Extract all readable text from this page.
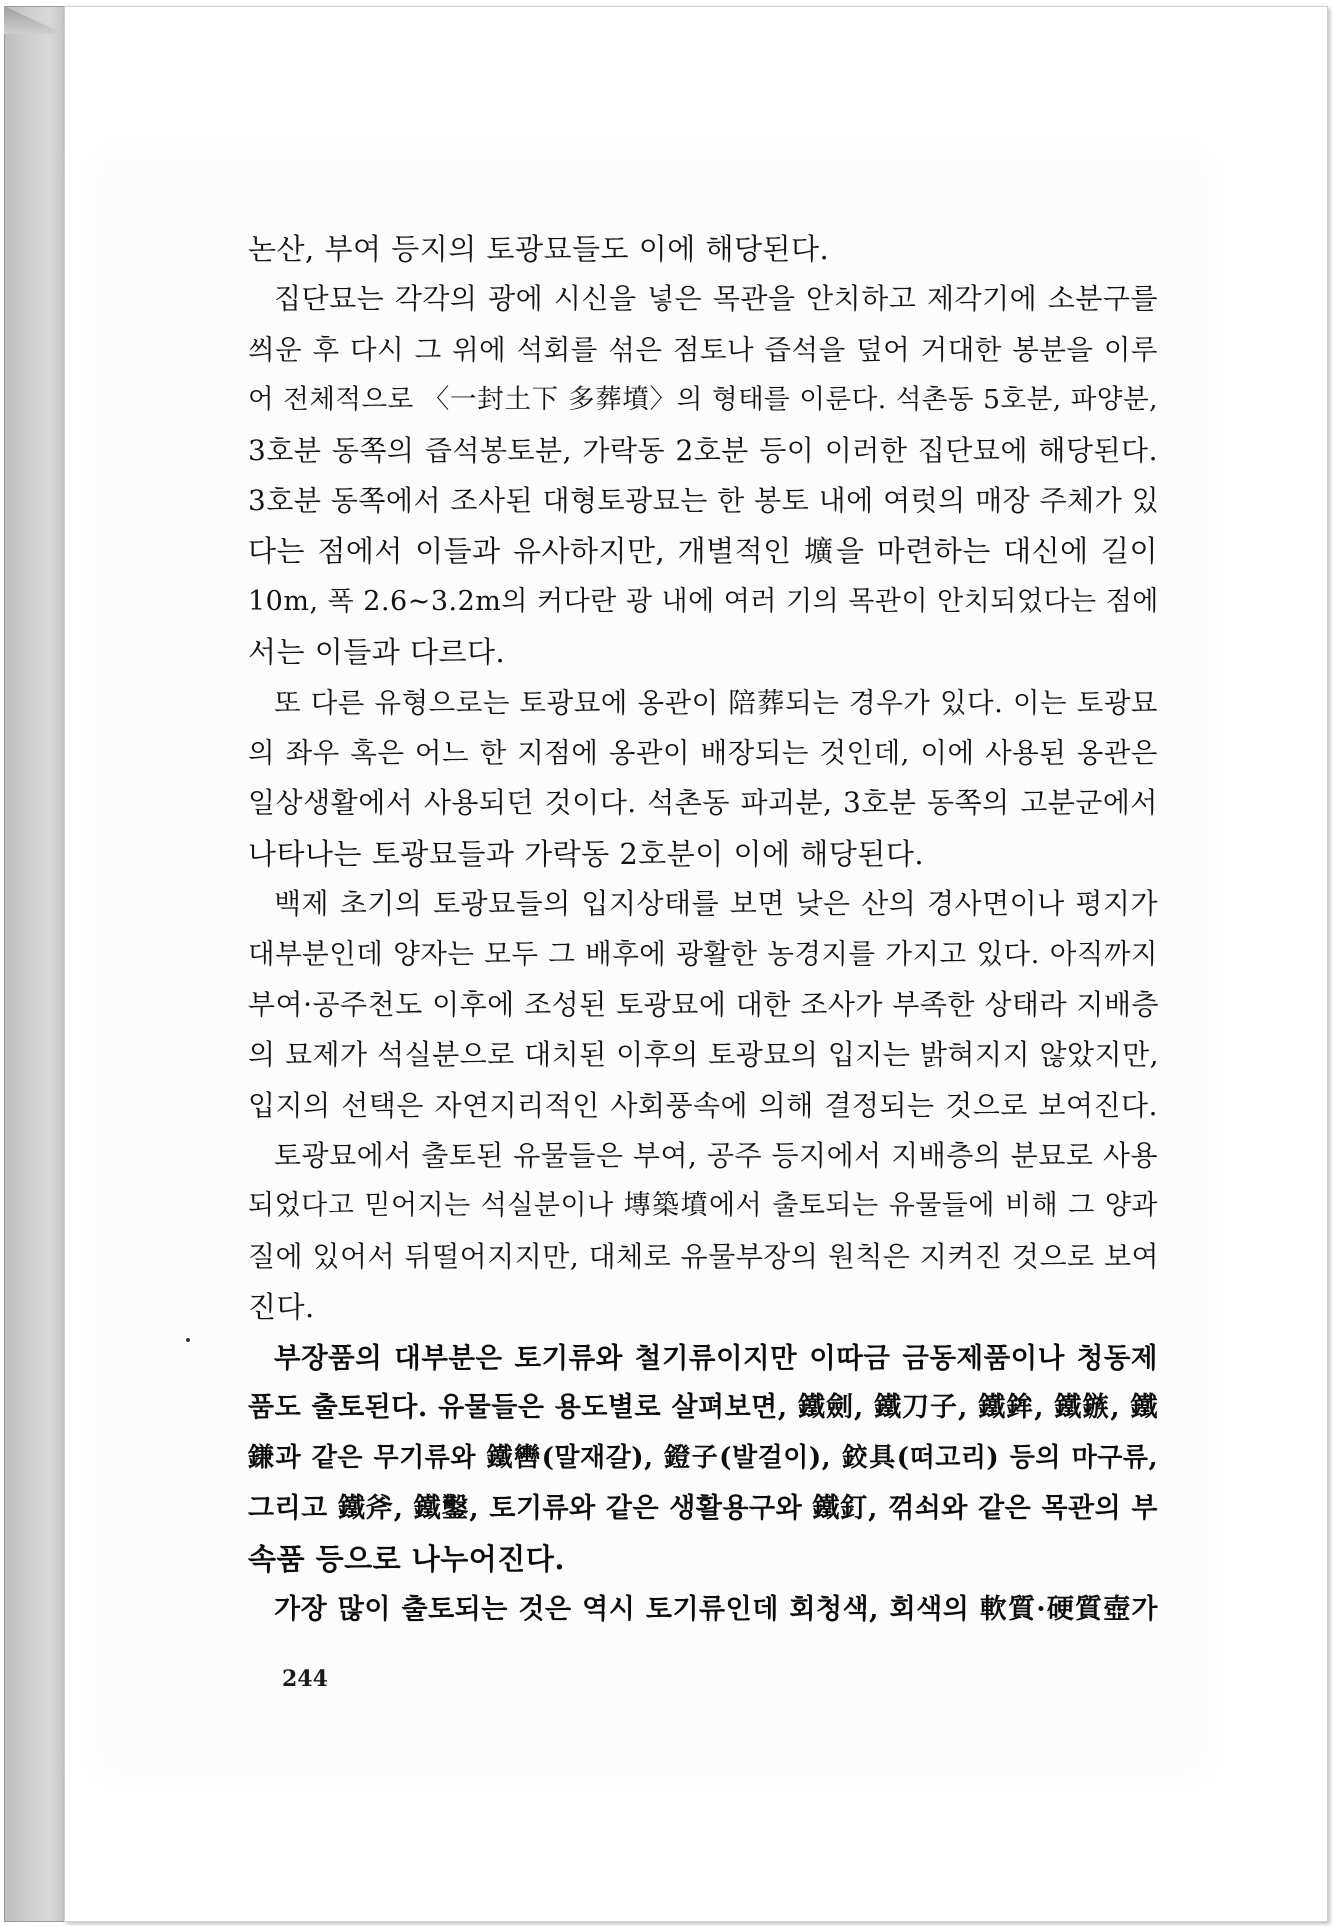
논산, 부여 등지의 토광묘들도 이에 해당된다.
집단묘는 각각의 광에 시신을 넣은 목관을 안치하고 제각기에 소분구를
씌운 후 다시 그 위에 석회를 섞은 점토나 즙석을 덮어 거대한 봉분을 이루
어 전체적으로 〈一封土下 多葬墳〉의 형태를 이룬다. 석촌동 5호분, 파양분,
3호분 동쪽의 즙석봉토분, 가락동 2호분 등이 이러한 집단묘에 해당된다.
3호분 동쪽에서 조사된 대형토광묘는 한 봉토 내에 여럿의 매장 주체가 있
다는 점에서 이들과 유사하지만, 개별적인 壙을 마련하는 대신에 길이
10m, 폭 2.6~3.2m의 커다란 광 내에 여러 기의 목관이 안치되었다는 점에
서는 이들과 다르다.
또 다른 유형으로는 토광묘에 옹관이 陪葬되는 경우가 있다. 이는 토광묘
의 좌우 혹은 어느 한 지점에 옹관이 배장되는 것인데, 이에 사용된 옹관은
일상생활에서 사용되던 것이다. 석촌동 파괴분, 3호분 동쪽의 고분군에서
나타나는 토광묘들과 가락동 2호분이 이에 해당된다.
백제 초기의 토광묘들의 입지상태를 보면 낮은 산의 경사면이나 평지가
대부분인데 양자는 모두 그 배후에 광활한 농경지를 가지고 있다. 아직까지
부여·공주천도 이후에 조성된 토광묘에 대한 조사가 부족한 상태라 지배층
의 묘제가 석실분으로 대치된 이후의 토광묘의 입지는 밝혀지지 않았지만,
입지의 선택은 자연지리적인 사회풍속에 의해 결정되는 것으로 보여진다.
토광묘에서 출토된 유물들은 부여, 공주 등지에서 지배층의 분묘로 사용
되었다고 믿어지는 석실분이나 塼築墳에서 출토되는 유물들에 비해 그 양과
질에 있어서 뒤떨어지지만, 대체로 유물부장의 원칙은 지켜진 것으로 보여
진다.
부장품의 대부분은 토기류와 철기류이지만 이따금 금동제품이나 청동제
품도 출토된다. 유물들은 용도별로 살펴보면, 鐵劍, 鐵刀子, 鐵鉾, 鐵鏃, 鐵
鎌과 같은 무기류와 鐵轡(말재갈), 鐙子(발걸이), 鉸具(떠고리) 등의 마구류,
그리고 鐵斧, 鐵鑿, 토기류와 같은 생활용구와 鐵釘, 꺾쇠와 같은 목관의 부
속품 등으로 나누어진다.
가장 많이 출토되는 것은 역시 토기류인데 회청색, 회색의 軟質·硬質壺가
244
